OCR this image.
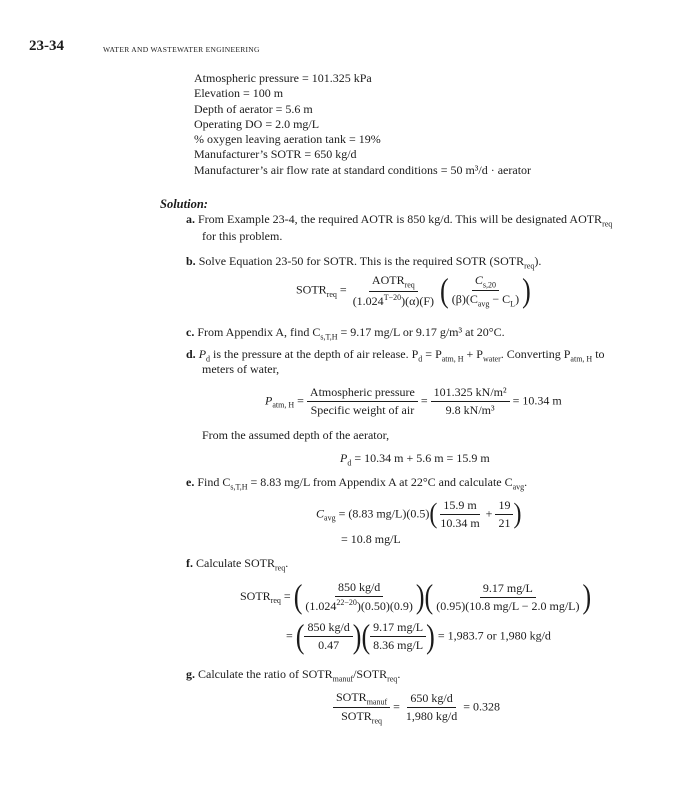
23-34	WATER AND WASTEWATER ENGINEERING
Atmospheric pressure = 101.325 kPa
Elevation = 100 m
Depth of aerator = 5.6 m
Operating DO = 2.0 mg/L
% oxygen leaving aeration tank = 19%
Manufacturer’s SOTR = 650 kg/d
Manufacturer’s air flow rate at standard conditions = 50 m³/d · aerator
Solution:
a. From Example 23-4, the required AOTR is 850 kg/d. This will be designated $AOTR_{req}$
for this problem.
b. Solve Equation 23-50 for SOTR. This is the required SOTR $(SOTR_{req})$.
$SOTR_{req} = \frac{AOTR_{req}}{(1.024^{T-20})(\alpha)(F)}$ ( $\frac{C_{s,20}}{(\beta)(C_{avg} - C_L)}$ )
c. From Appendix A, find $C_{s,T,H} = 9.17$ mg/L or 9.17 g/m³ at 20°C.
d. $P_d$ is the pressure at the depth of air release. $P_d = P_{atm, H} + P_{water}$. Converting $P_{atm, H}$ to
meters of water,
$P_{atm, H} = \frac{\text{Atmospheric pressure}}{\text{Specific weight of air}} = \frac{\text{101.325 kN/m²}}{\text{9.8 kN/m³}} = 10.34$ m
From the assumed depth of the aerator,
$P_d = 10.34$ m + 5.6 m = 15.9 m
e. Find $C_{s,T,H} = 8.83$ mg/L from Appendix A at 22°C and calculate $C_{avg}$.
$C_{avg} = (8.83$ $mg/L)(0.5)( \frac{15.9 m}{10.34 m} + \frac{19}{21}$ )
= 10.8 mg/L
f. Calculate $SOTR_{req}$.
$SOTR_{req}$ = ( $\frac{850 kg/d}{(1.024^{22-20})(0.50)(0.9)}$ )( $\frac{9.17 mg/L}{(0.95)(10.8 mg/L - 2.0 mg/L)}$ )
= ( $\frac{850 kg/d}{0.47}$ )( $\frac{9.17 mg/L}{8.36 mg/L}$ ) = 1,983.7 or 1,980 kg/d
g. Calculate the ratio of $SOTR_{manuf}/SOTR_{req}$.
$\frac{SOTR_{manuf}}{SOTR_{req}} = \frac{650 kg/d}{1,980 kg/d} = 0.328$
